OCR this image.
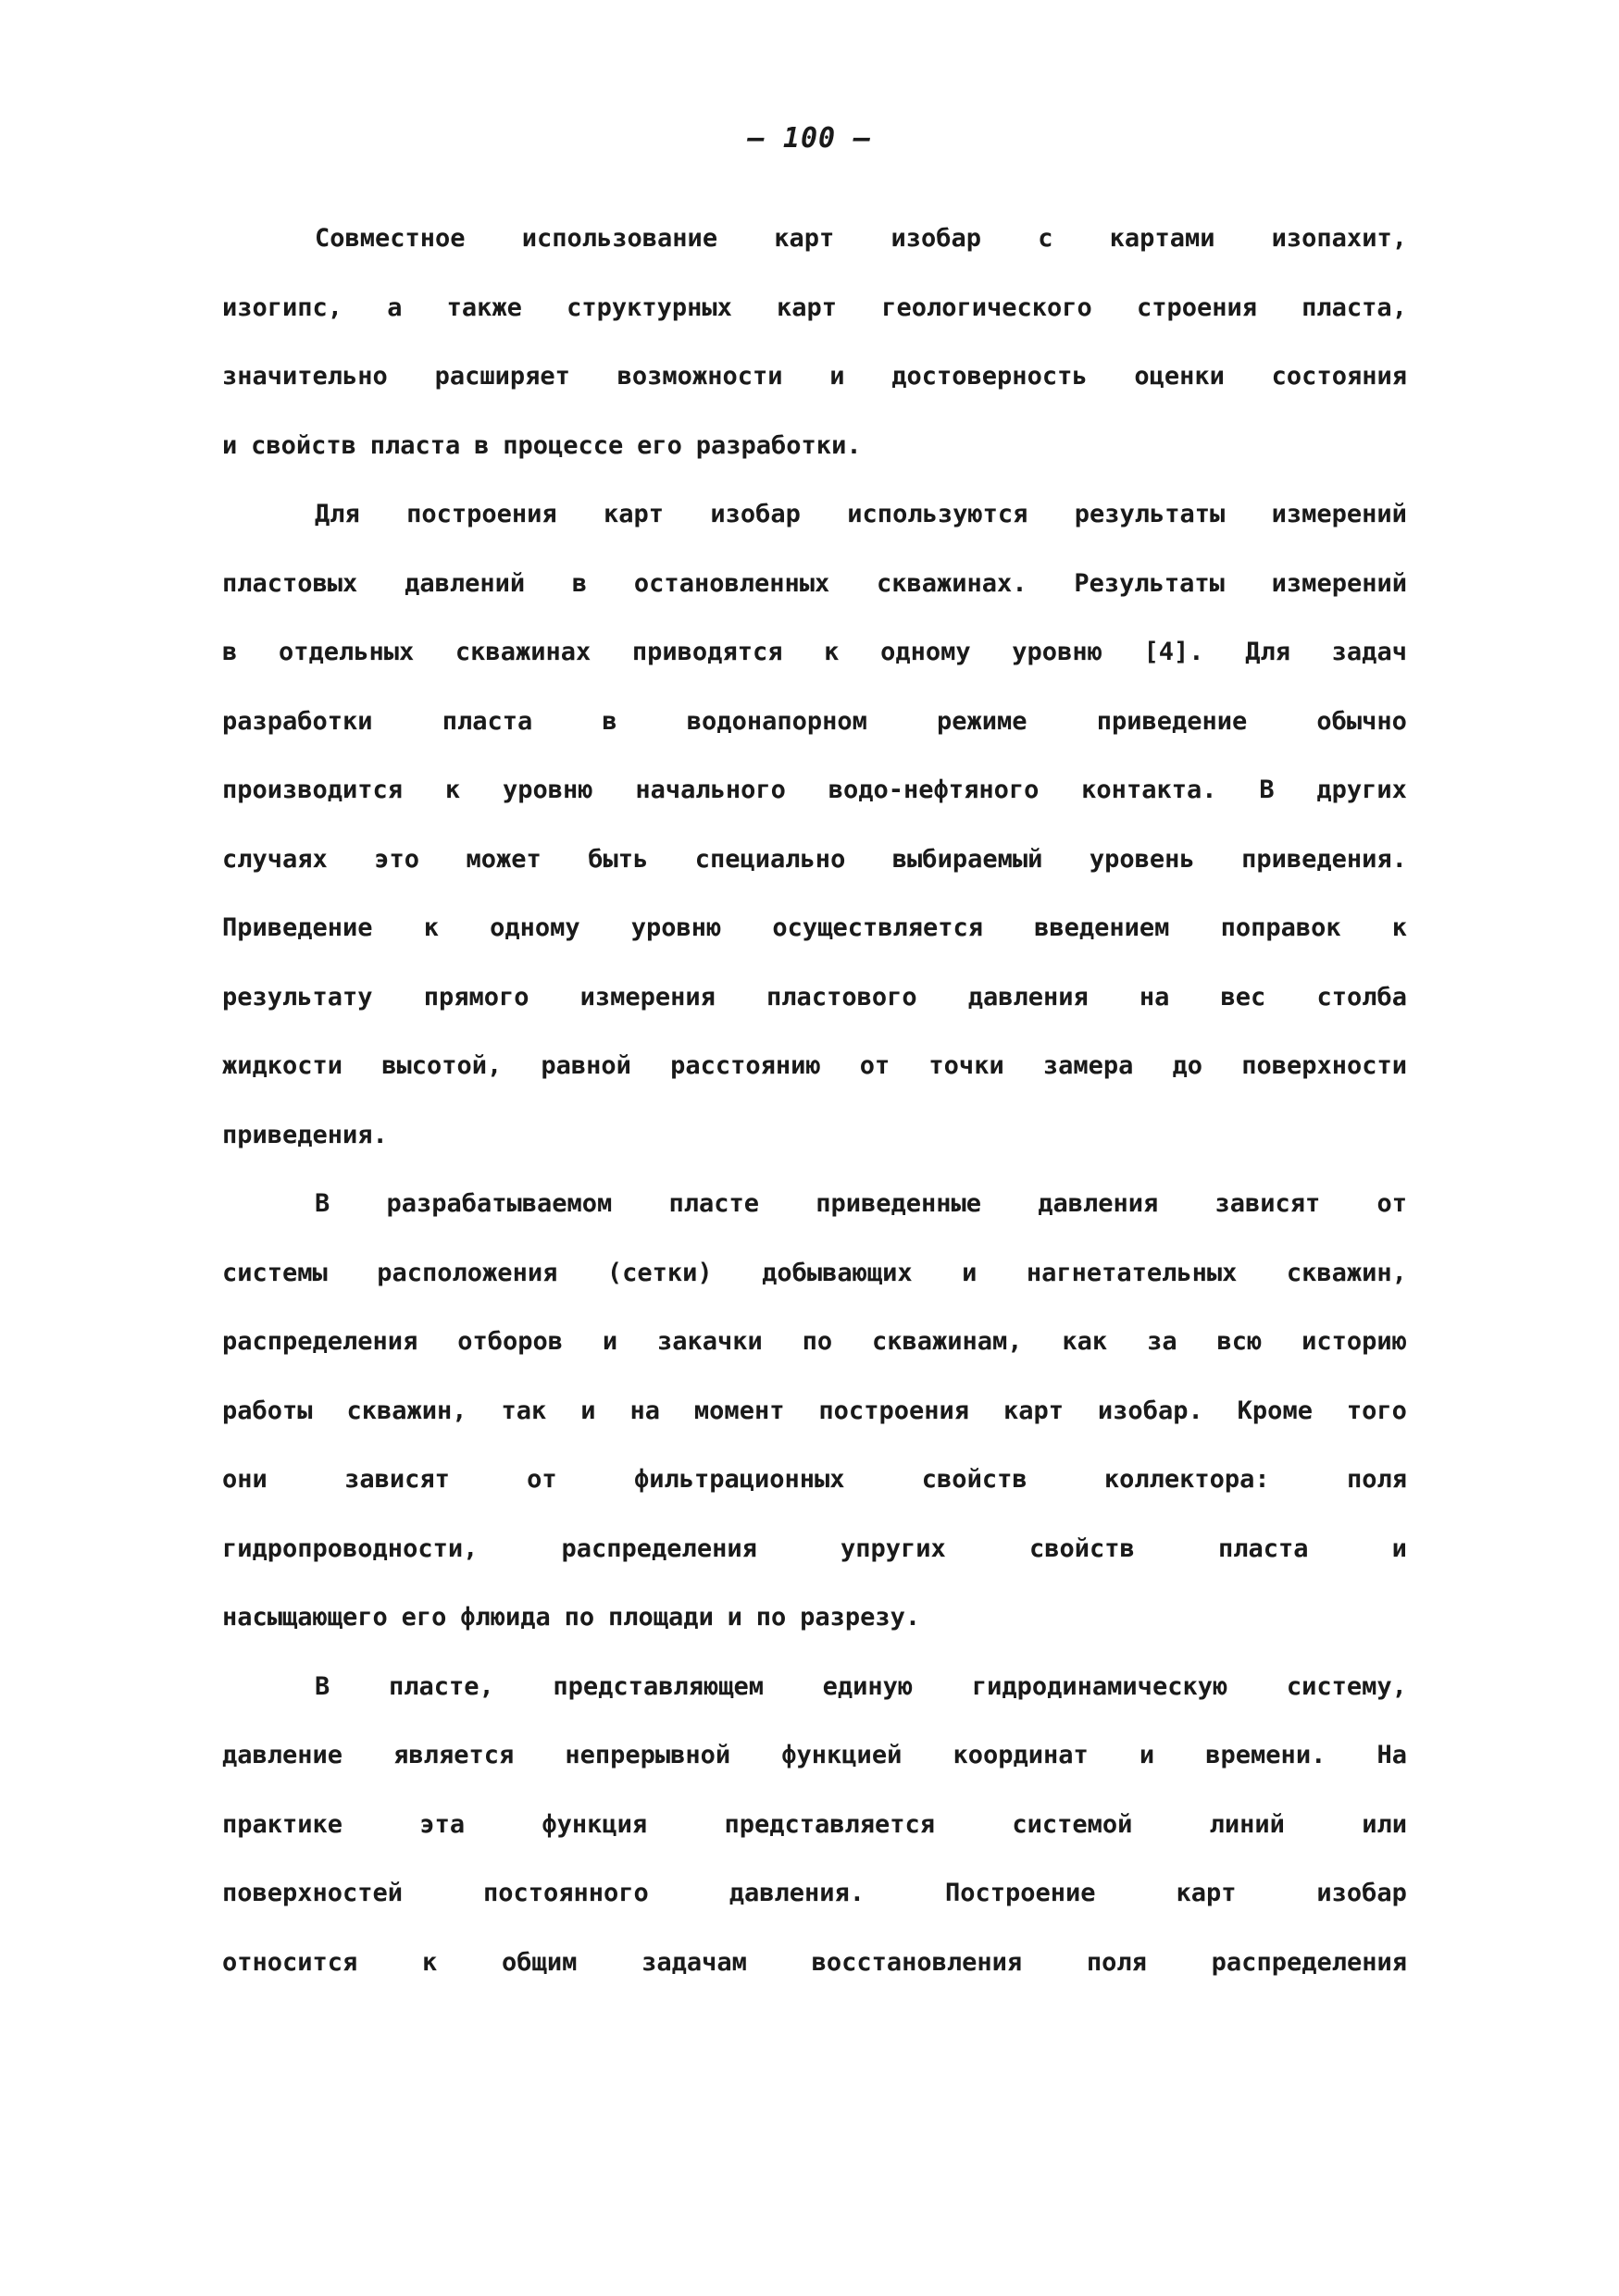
– 100 –
Совместное использование карт изобар с картами изопахит,
изогипс, а также структурных карт геологического строения пласта,
значительно расширяет возможности и достоверность оценки состояния
и свойств пласта в процессе его разработки.
Для построения карт изобар используются результаты измерений
пластовых давлений в остановленных скважинах. Результаты измерений
в отдельных скважинах приводятся к одному уровню [4]. Для задач
разработки	пласта	в	водонапорном	режиме	приведение	обычно
производится к уровню начального водо-нефтяного контакта. В других
случаях это может быть специально выбираемый уровень приведения.
Приведение к одному уровню осуществляется введением поправок к
результату прямого измерения пластового давления на вес столба
жидкости высотой, равной расстоянию от точки замера до поверхности
приведения.
В разрабатываемом пласте приведенные давления зависят от
системы расположения (сетки) добывающих и нагнетательных скважин,
распределения отборов и закачки по скважинам, как за всю историю
работы скважин, так и на момент построения карт изобар. Кроме того
они	зависят	от	фильтрационных	свойств	коллектора:	поля
гидропроводности,	распределения	упругих	свойств	пласта	и
насыщающего его флюида по площади и по разрезу.
В пласте, представляющем единую гидродинамическую систему,
давление является непрерывной функцией координат и времени. На
практике	эта	функция	представляется	системой	линий	или
поверхностей	постоянного	давления.	Построение	карт	изобар
относится	к	общим	задачам	восстановления	поля	распределения
